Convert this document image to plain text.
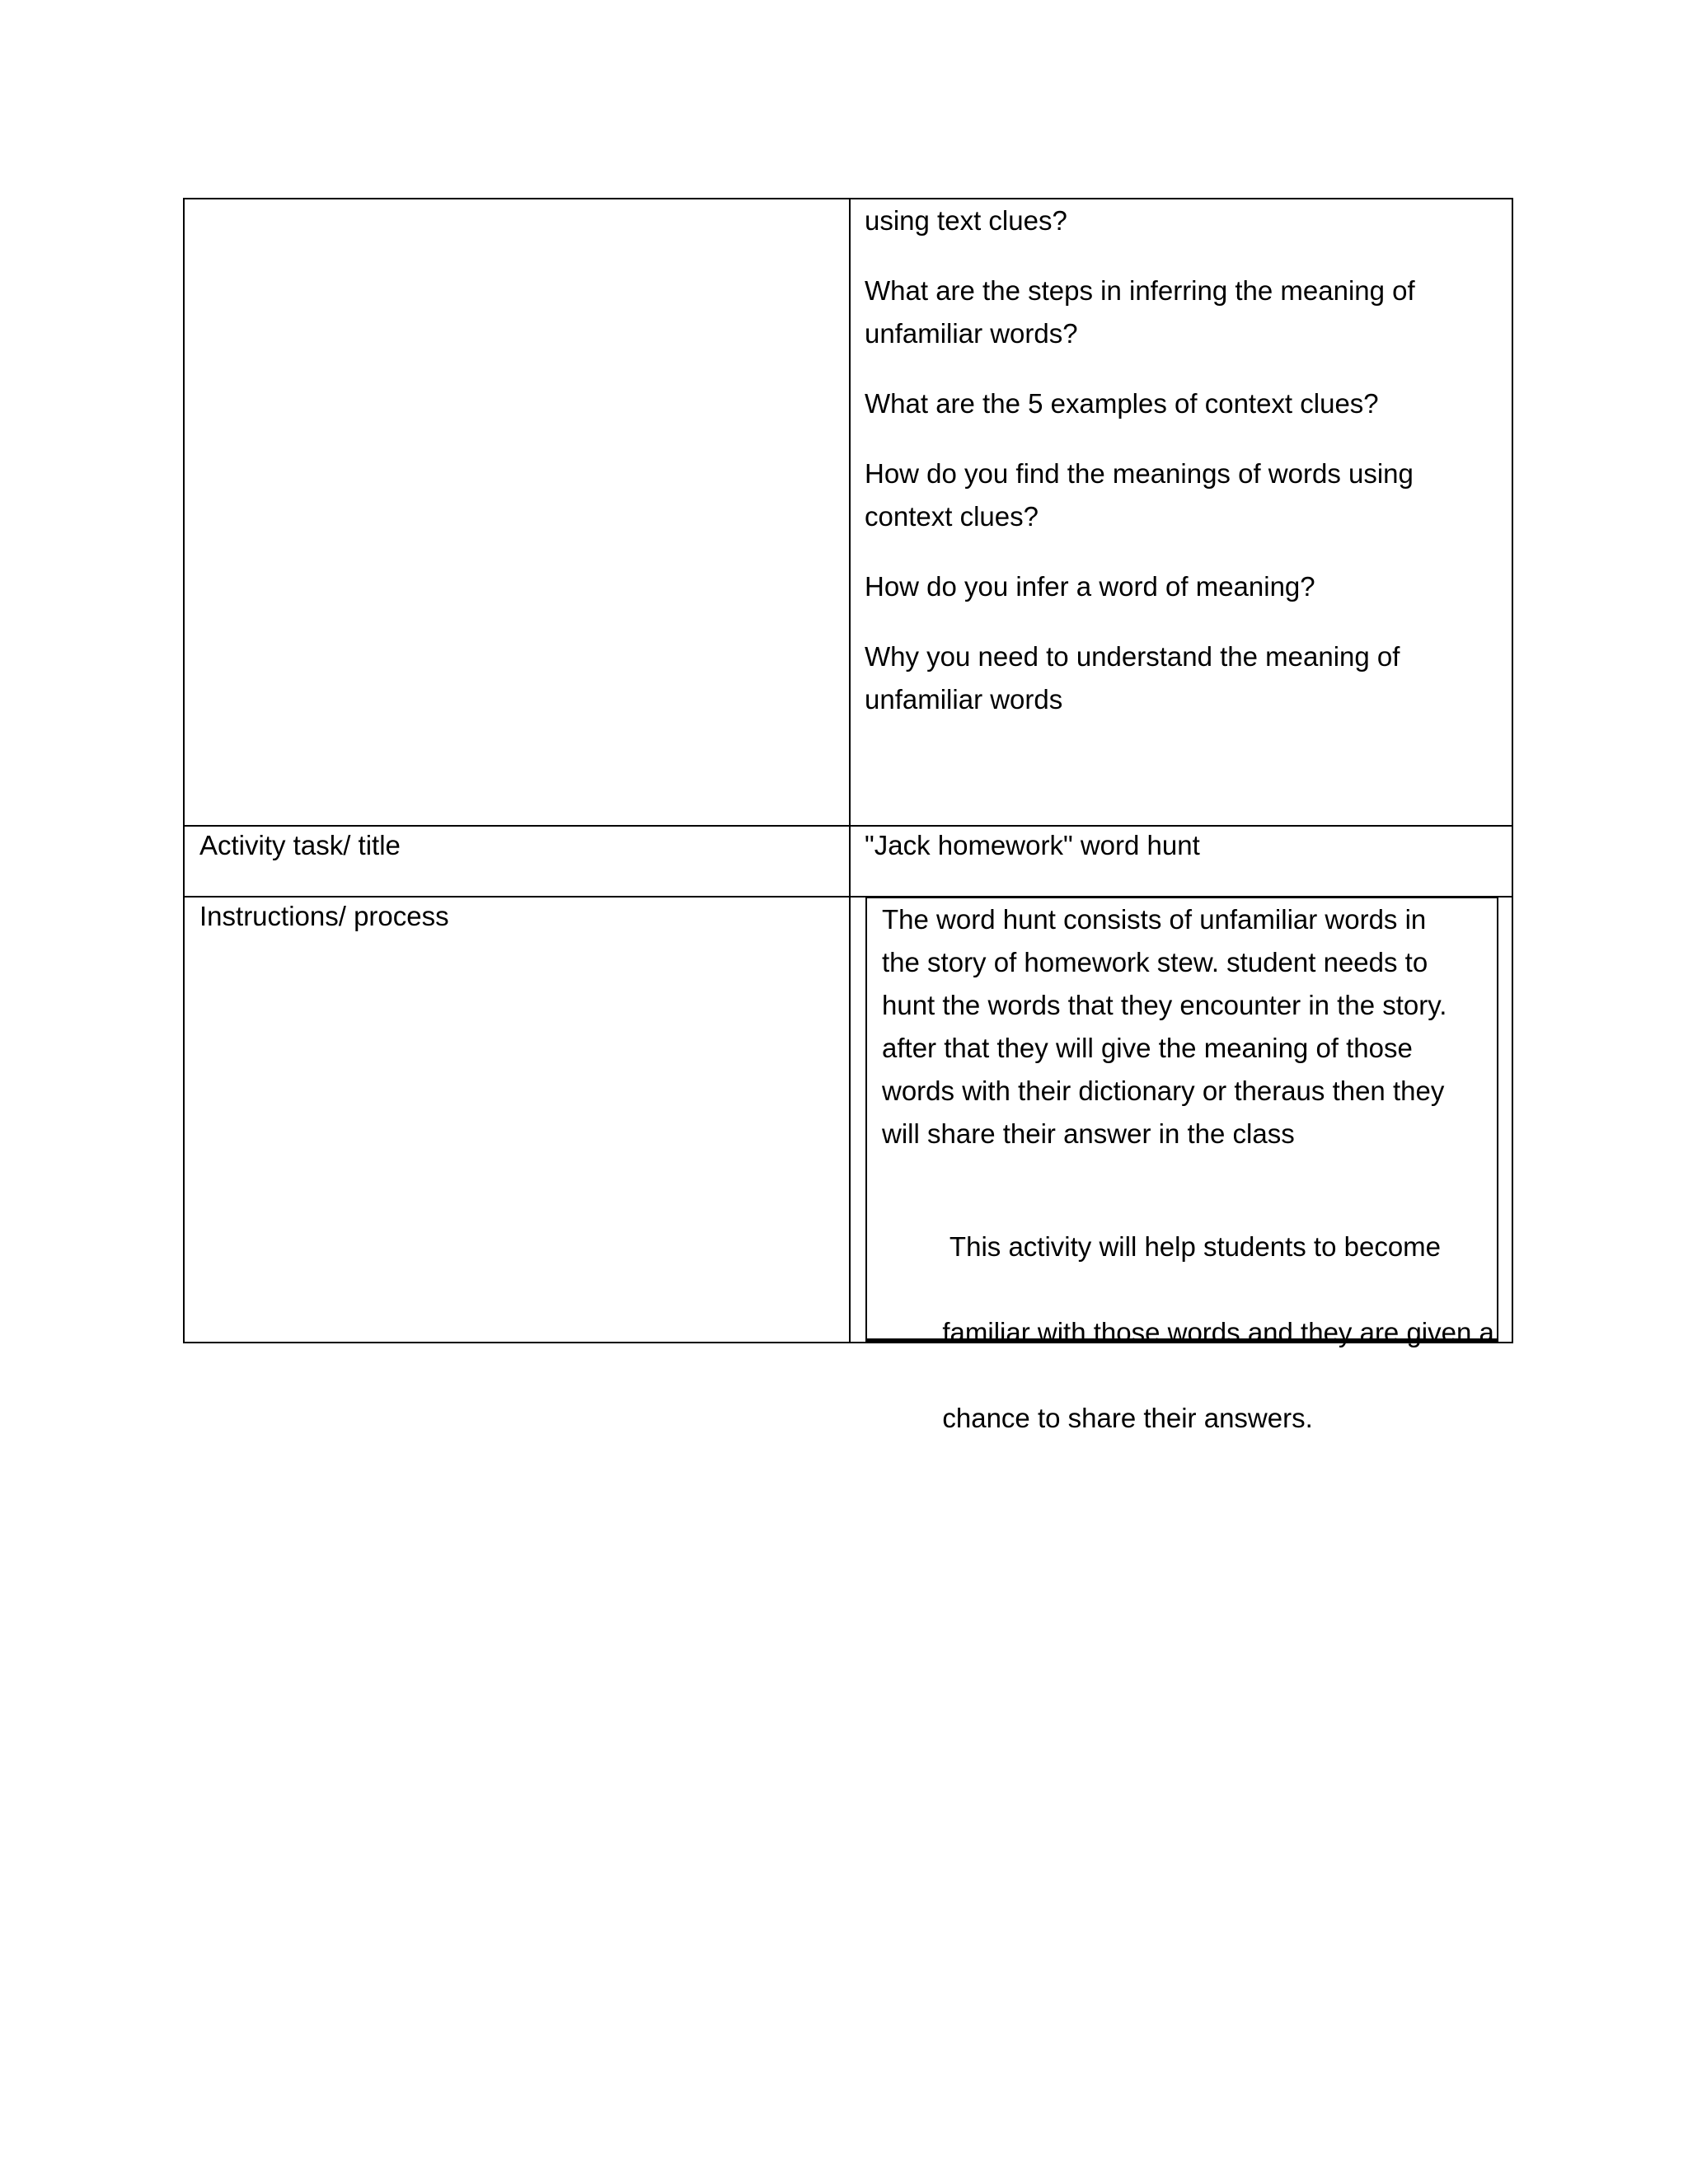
using text clues?

What are the steps in inferring the meaning of
unfamiliar words?

What are the 5 examples of context clues?

How do you find the meanings of words using
context clues?

How do you infer a word of meaning?

Why you need to understand the meaning of
unfamiliar words

Activity task/ title	"Jack homework" word hunt
Instructions/ process	The word hunt consists of unfamiliar words in
the story of homework stew. student needs to
hunt the words that they encounter in the story.
after that they will give the meaning of those
words with their dictionary or theraus then they
will share their answer in the class

This activity will help students to become

familiar with those words and they are given a

chance to share their answers.
